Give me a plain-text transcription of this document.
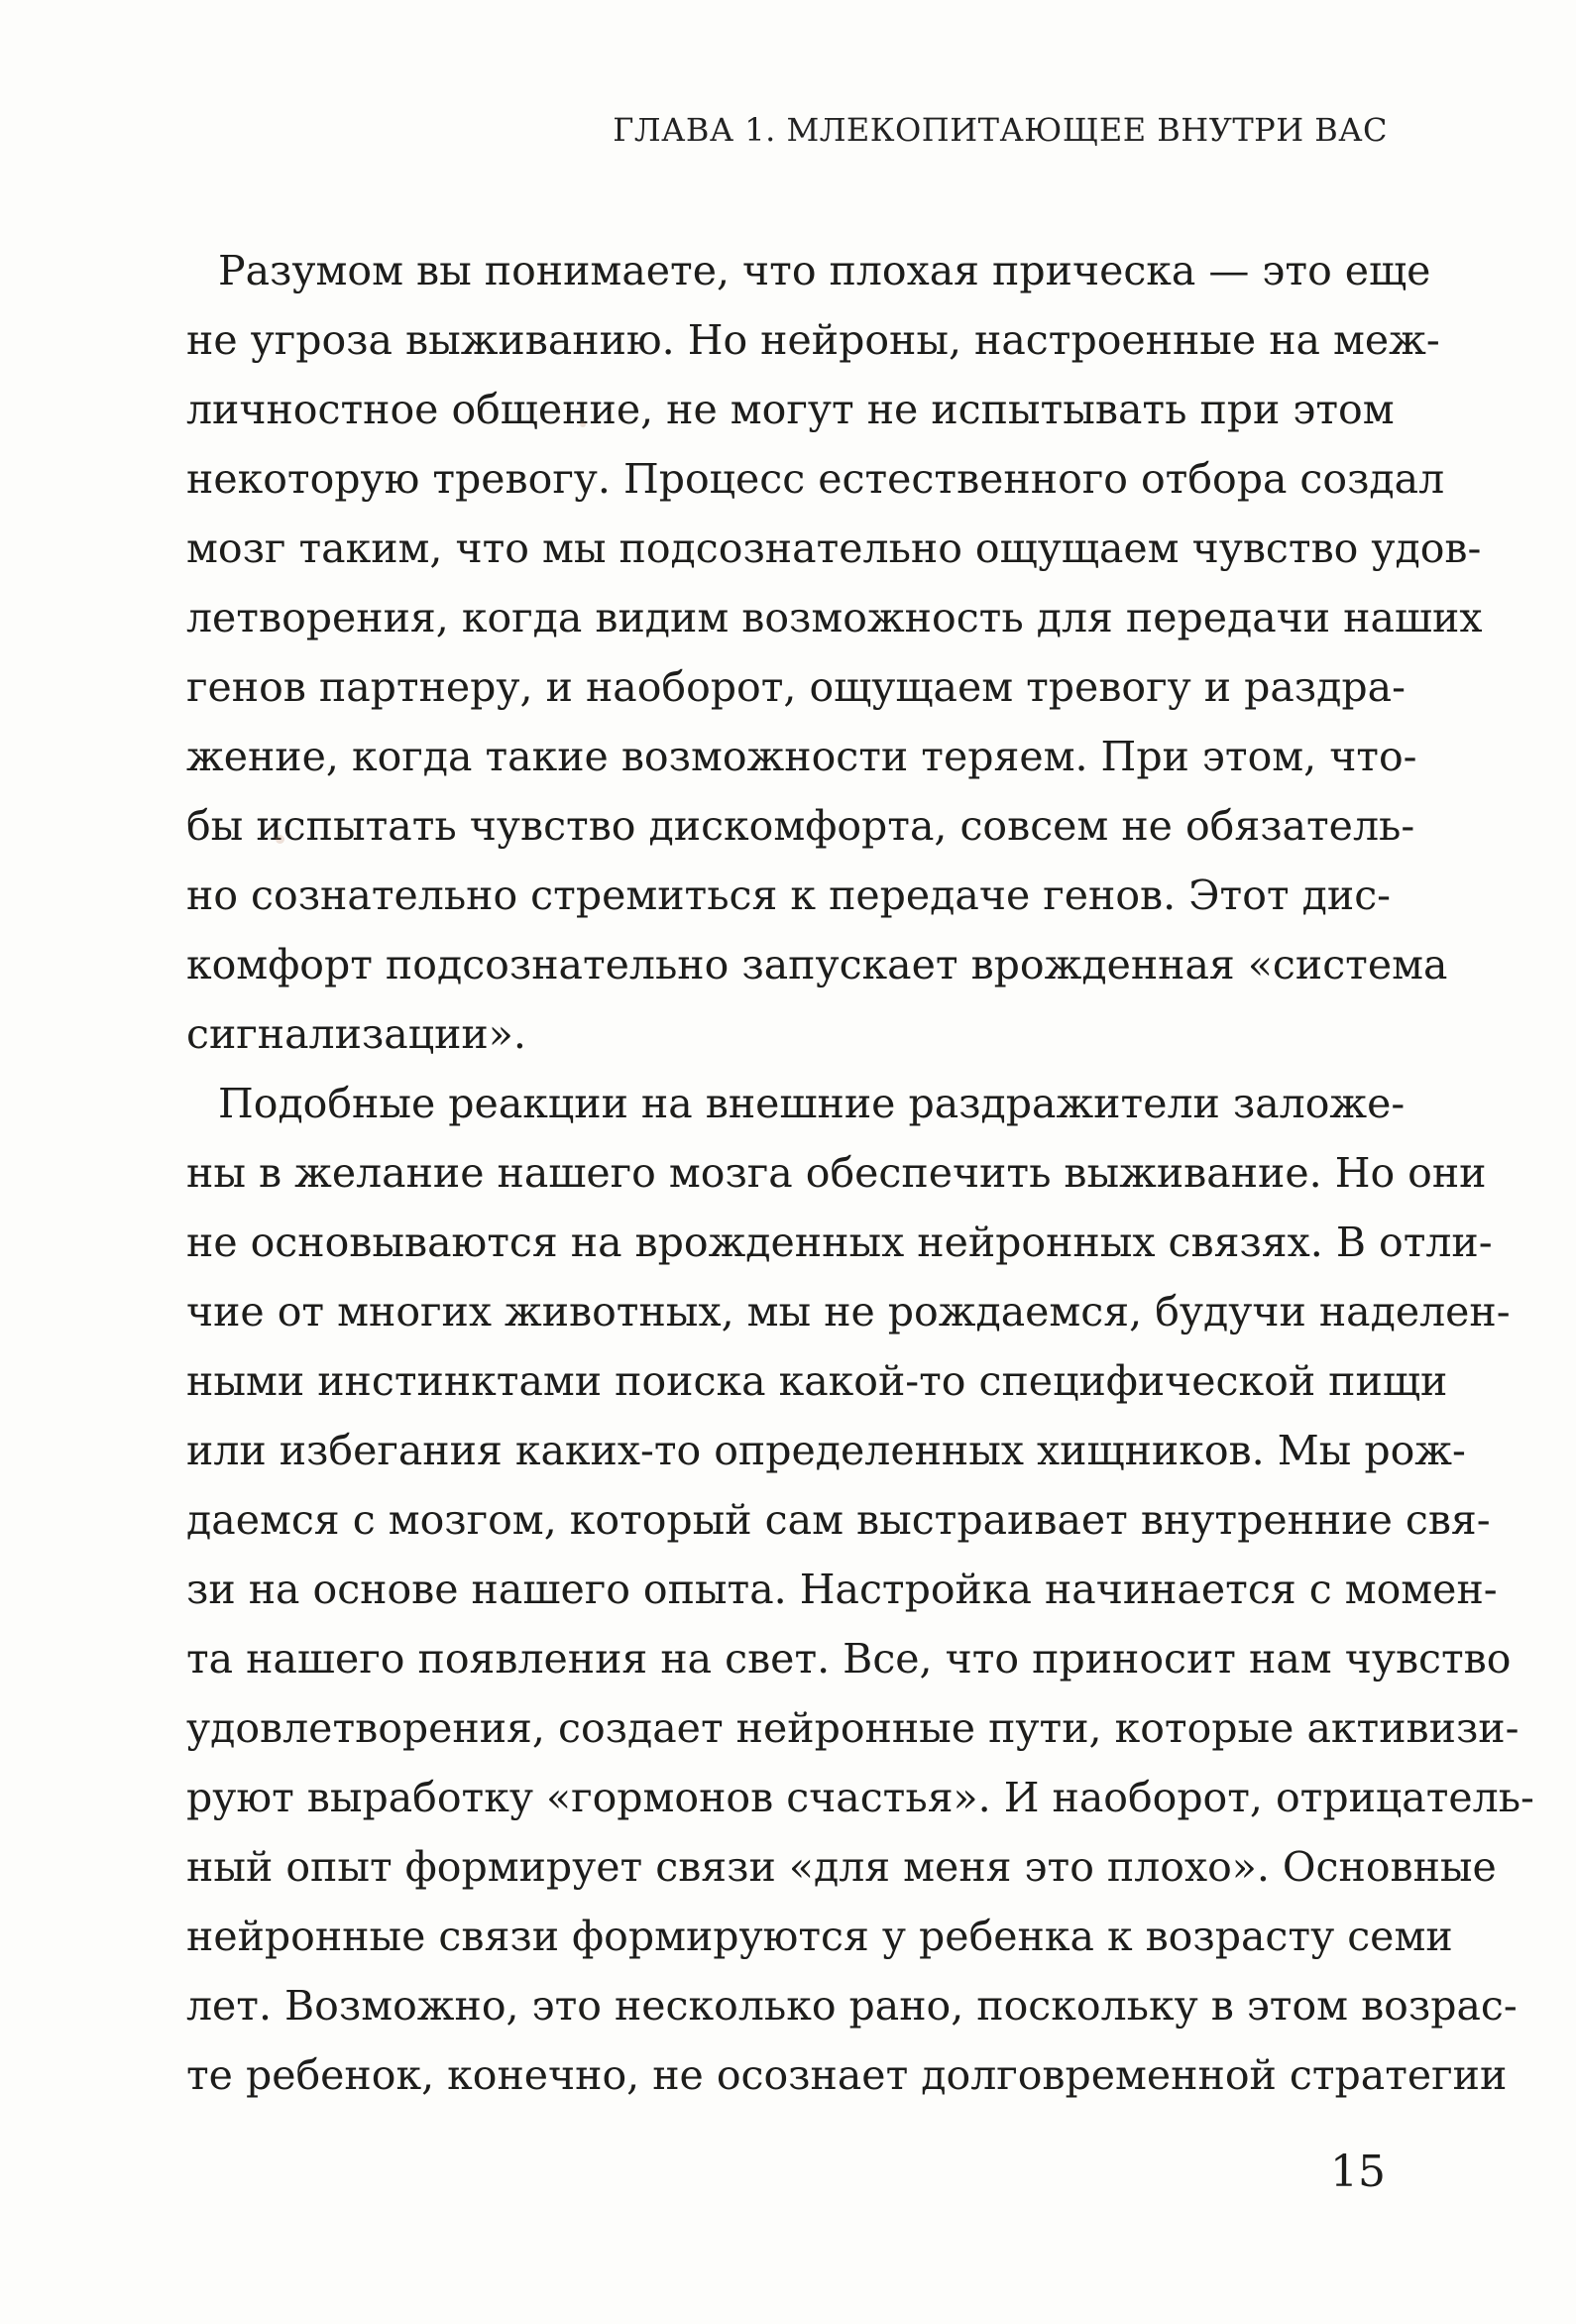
ГЛАВА 1. МЛЕКОПИТАЮЩЕЕ ВНУТРИ ВАС
Разумом вы понимаете, что плохая прическа — это еще
не угроза выживанию. Но нейроны, настроенные на меж-
личностное общение, не могут не испытывать при этом
некоторую тревогу. Процесс естественного отбора создал
мозг таким, что мы подсознательно ощущаем чувство удов-
летворения, когда видим возможность для передачи наших
генов партнеру, и наоборот, ощущаем тревогу и раздра-
жение, когда такие возможности теряем. При этом, что-
бы испытать чувство дискомфорта, совсем не обязатель-
но сознательно стремиться к передаче генов. Этот дис-
комфорт подсознательно запускает врожденная «система
сигнализации».
Подобные реакции на внешние раздражители заложе-
ны в желание нашего мозга обеспечить выживание. Но они
не основываются на врожденных нейронных связях. В отли-
чие от многих животных, мы не рождаемся, будучи наделен-
ными инстинктами поиска какой-то специфической пищи
или избегания каких-то определенных хищников. Мы рож-
даемся с мозгом, который сам выстраивает внутренние свя-
зи на основе нашего опыта. Настройка начинается с момен-
та нашего появления на свет. Все, что приносит нам чувство
удовлетворения, создает нейронные пути, которые активизи-
руют выработку «гормонов счастья». И наоборот, отрицатель-
ный опыт формирует связи «для меня это плохо». Основные
нейронные связи формируются у ребенка к возрасту семи
лет. Возможно, это несколько рано, поскольку в этом возрас-
те ребенок, конечно, не осознает долговременной стратегии
15
